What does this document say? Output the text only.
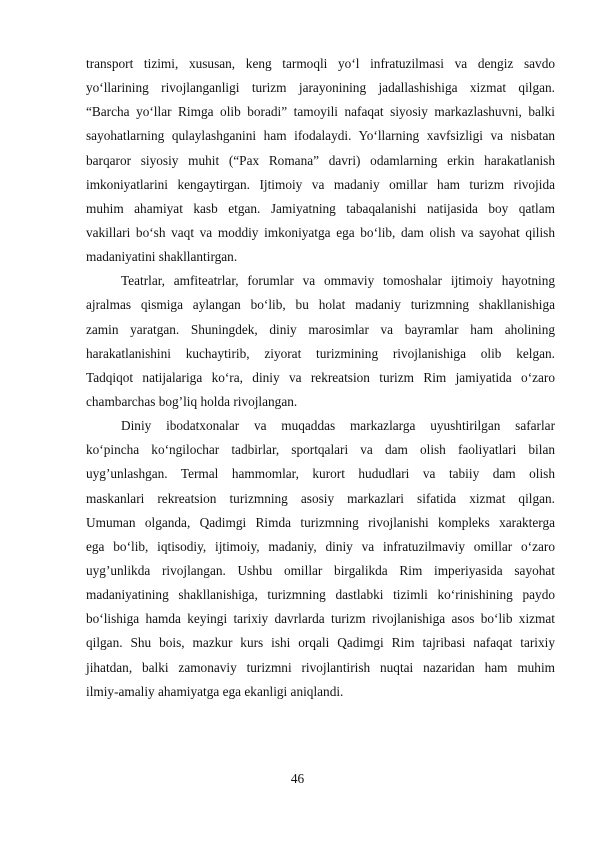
transport tizimi, xususan, keng tarmoqli yo‘l infratuzilmasi va dengiz savdo
yo‘llarining rivojlanganligi turizm jarayonining jadallashishiga xizmat qilgan.
“Barcha yo‘llar Rimga olib boradi” tamoyili nafaqat siyosiy markazlashuvni, balki
sayohatlarning qulaylashganini ham ifodalaydi. Yo‘llarning xavfsizligi va nisbatan
barqaror siyosiy muhit (“Pax Romana” davri) odamlarning erkin harakatlanish
imkoniyatlarini kengaytirgan. Ijtimoiy va madaniy omillar ham turizm rivojida
muhim ahamiyat kasb etgan. Jamiyatning tabaqalanishi natijasida boy qatlam
vakillari bo‘sh vaqt va moddiy imkoniyatga ega bo‘lib, dam olish va sayohat qilish
madaniyatini shakllantirgan.
Teatrlar, amfiteatrlar, forumlar va ommaviy tomoshalar ijtimoiy hayotning
ajralmas qismiga aylangan bo‘lib, bu holat madaniy turizmning shakllanishiga
zamin yaratgan. Shuningdek, diniy marosimlar va bayramlar ham aholining
harakatlanishini kuchaytirib, ziyorat turizmining rivojlanishiga olib kelgan.
Tadqiqot natijalariga ko‘ra, diniy va rekreatsion turizm Rim jamiyatida o‘zaro
chambarchas bog’liq holda rivojlangan.
Diniy ibodatxonalar va muqaddas markazlarga uyushtirilgan safarlar
ko‘pincha ko‘ngilochar tadbirlar, sportqalari va dam olish faoliyatlari bilan
uyg’unlashgan. Termal hammomlar, kurort hududlari va tabiiy dam olish
maskanlari rekreatsion turizmning asosiy markazlari sifatida xizmat qilgan.
Umuman olganda, Qadimgi Rimda turizmning rivojlanishi kompleks xarakterga
ega bo‘lib, iqtisodiy, ijtimoiy, madaniy, diniy va infratuzilmaviy omillar o‘zaro
uyg’unlikda rivojlangan. Ushbu omillar birgalikda Rim imperiyasida sayohat
madaniyatining shakllanishiga, turizmning dastlabki tizimli ko‘rinishining paydo
bo‘lishiga hamda keyingi tarixiy davrlarda turizm rivojlanishiga asos bo‘lib xizmat
qilgan. Shu bois, mazkur kurs ishi orqali Qadimgi Rim tajribasi nafaqat tarixiy
jihatdan, balki zamonaviy turizmni rivojlantirish nuqtai nazaridan ham muhim
ilmiy-amaliy ahamiyatga ega ekanligi aniqlandi.
46
